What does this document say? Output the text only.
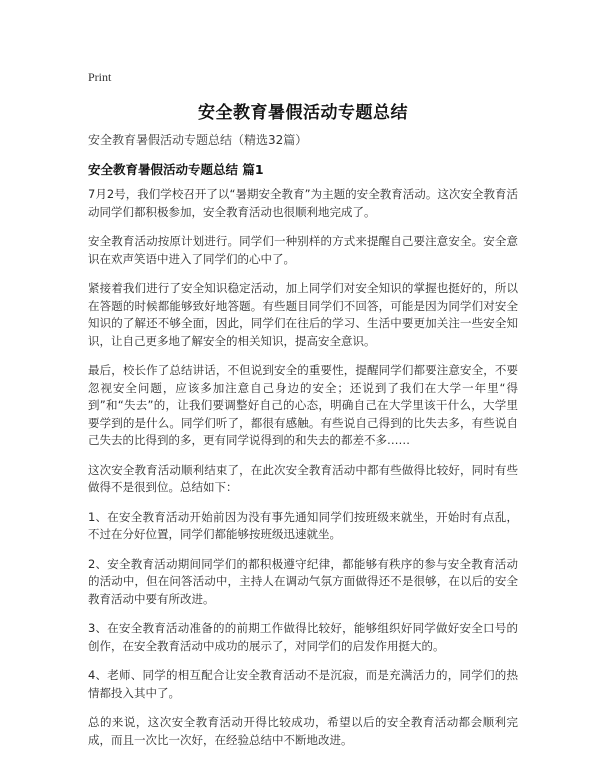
Print
安全教育暑假活动专题总结
安全教育暑假活动专题总结（精选32篇）
安全教育暑假活动专题总结 篇1

7月2号，我们学校召开了以“暑期安全教育”为主题的安全教育活动。这次安全教育活动同学们都积极参加，安全教育活动也很顺利地完成了。

安全教育活动按原计划进行。同学们一种别样的方式来提醒自己要注意安全。安全意识在欢声笑语中进入了同学们的心中了。

紧接着我们进行了安全知识稳定活动，加上同学们对安全知识的掌握也挺好的，所以在答题的时候都能够致好地答题。有些题目同学们不回答，可能是因为同学们对安全知识的了解还不够全面，因此，同学们在往后的学习、生活中要更加关注一些安全知识，让自己更多地了解安全的相关知识，提高安全意识。

最后，校长作了总结讲话，不但说到安全的重要性，提醒同学们都要注意安全，不要忽视安全问题，应该多加注意自己身边的安全；还说到了我们在大学一年里“得到”和“失去”的，让我们要调整好自己的心态，明确自己在大学里该干什么，大学里要学到的是什么。同学们听了，都很有感触。有些说自己得到的比失去多，有些说自己失去的比得到的多，更有同学说得到的和失去的都差不多……

这次安全教育活动顺利结束了，在此次安全教育活动中都有些做得比较好，同时有些做得不是很到位。总结如下：

1、在安全教育活动开始前因为没有事先通知同学们按班级来就坐，开始时有点乱，不过在分好位置，同学们都能够按班级迅速就坐。

2、安全教育活动期间同学们的都积极遵守纪律，都能够有秩序的参与安全教育活动的活动中，但在问答活动中，主持人在调动气氛方面做得还不是很够，在以后的安全教育活动中要有所改进。

3、在安全教育活动准备的的前期工作做得比较好，能够组织好同学做好安全口号的创作，在安全教育活动中成功的展示了，对同学们的启发作用挺大的。

4、老师、同学的相互配合让安全教育活动不是沉寂，而是充满活力的，同学们的热情都投入其中了。

总的来说，这次安全教育活动开得比较成功，希望以后的安全教育活动都会顺利完成，而且一次比一次好，在经验总结中不断地改进。
